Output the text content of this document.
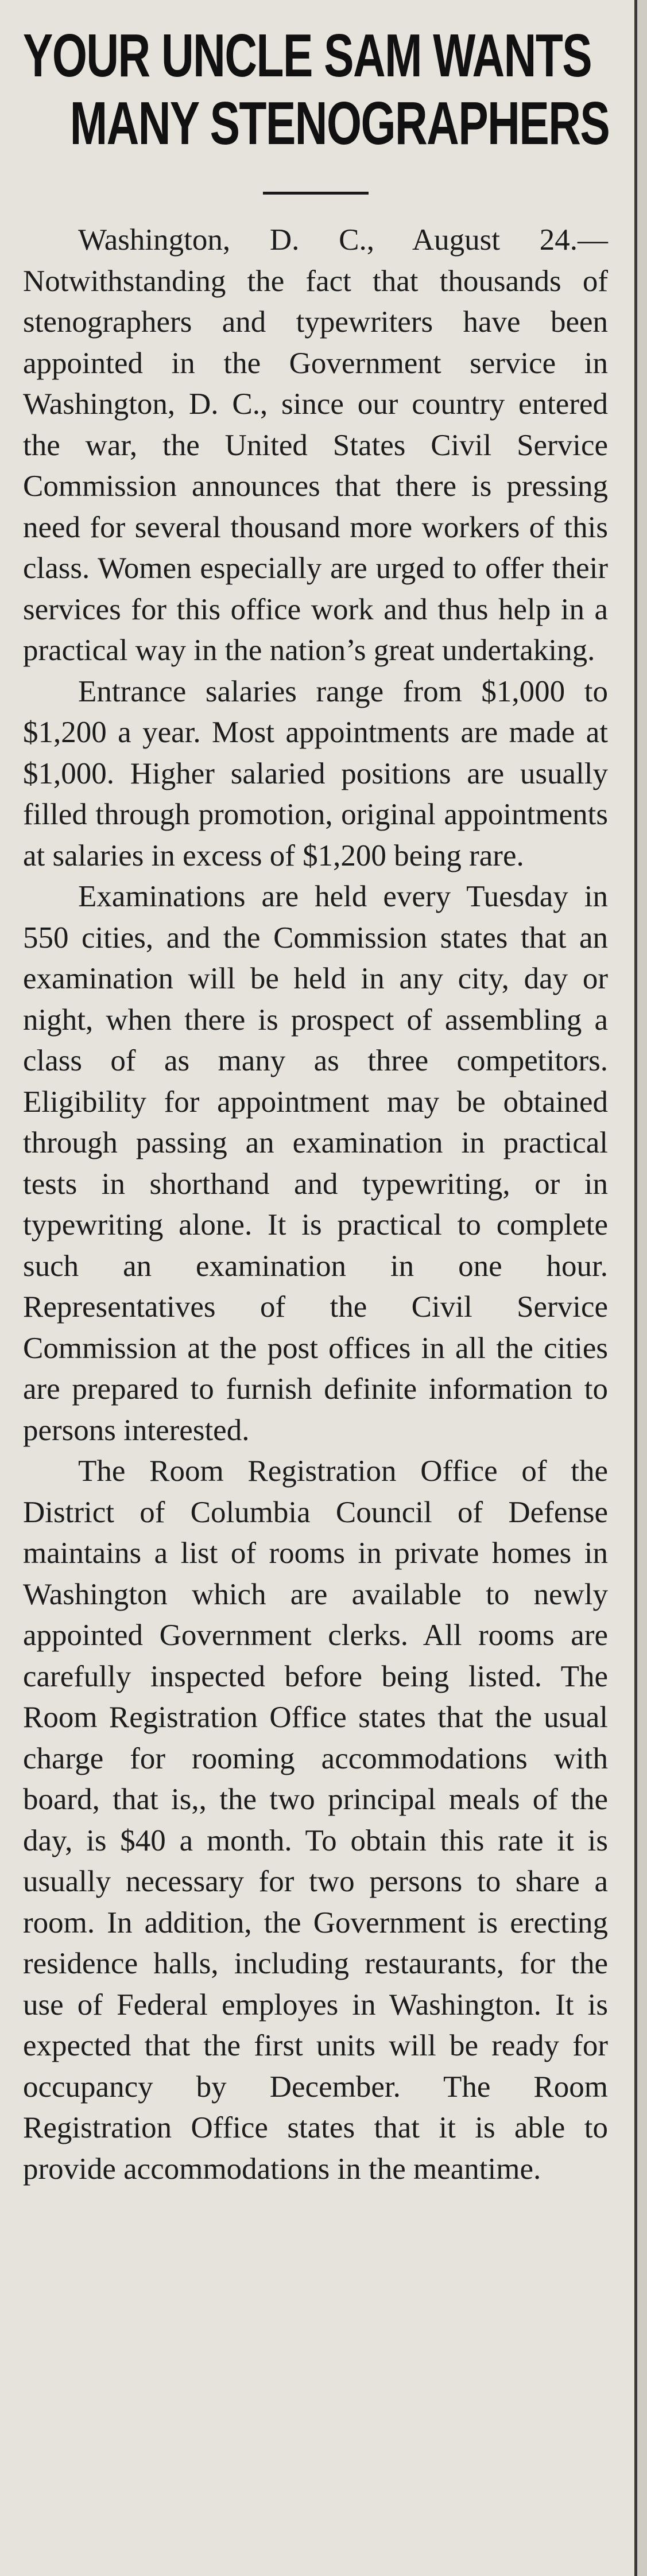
YOUR UNCLE SAM WANTS
MANY STENOGRAPHERS

Washington, D. C., August 24.—Notwithstanding the fact that thousands of stenographers and typewriters have been appointed in the Government service in Washington, D. C., since our country entered the war, the United States Civil Service Commission announces that there is pressing need for several thousand more workers of this class. Women especially are urged to offer their services for this office work and thus help in a practical way in the nation’s great undertaking.

Entrance salaries range from $1,000 to $1,200 a year. Most appointments are made at $1,000. Higher salaried positions are usually filled through promotion, original appointments at salaries in excess of $1,200 being rare.

Examinations are held every Tuesday in 550 cities, and the Commission states that an examination will be held in any city, day or night, when there is prospect of assembling a class of as many as three competitors. Eligibility for appointment may be obtained through passing an examination in practical tests in shorthand and typewriting, or in typewriting alone. It is practical to complete such an examination in one hour. Representatives of the Civil Service Commission at the post offices in all the cities are prepared to furnish definite information to persons interested.

The Room Registration Office of the District of Columbia Council of Defense maintains a list of rooms in private homes in Washington which are available to newly appointed Government clerks. All rooms are carefully inspected before being listed. The Room Registration Office states that the usual charge for rooming accommodations with board, that is,, the two principal meals of the day, is $40 a month. To obtain this rate it is usually necessary for two persons to share a room. In addition, the Government is erecting residence halls, including restaurants, for the use of Federal employes in Washington. It is expected that the first units will be ready for occupancy by December. The Room Registration Office states that it is able to provide accommodations in the meantime.
